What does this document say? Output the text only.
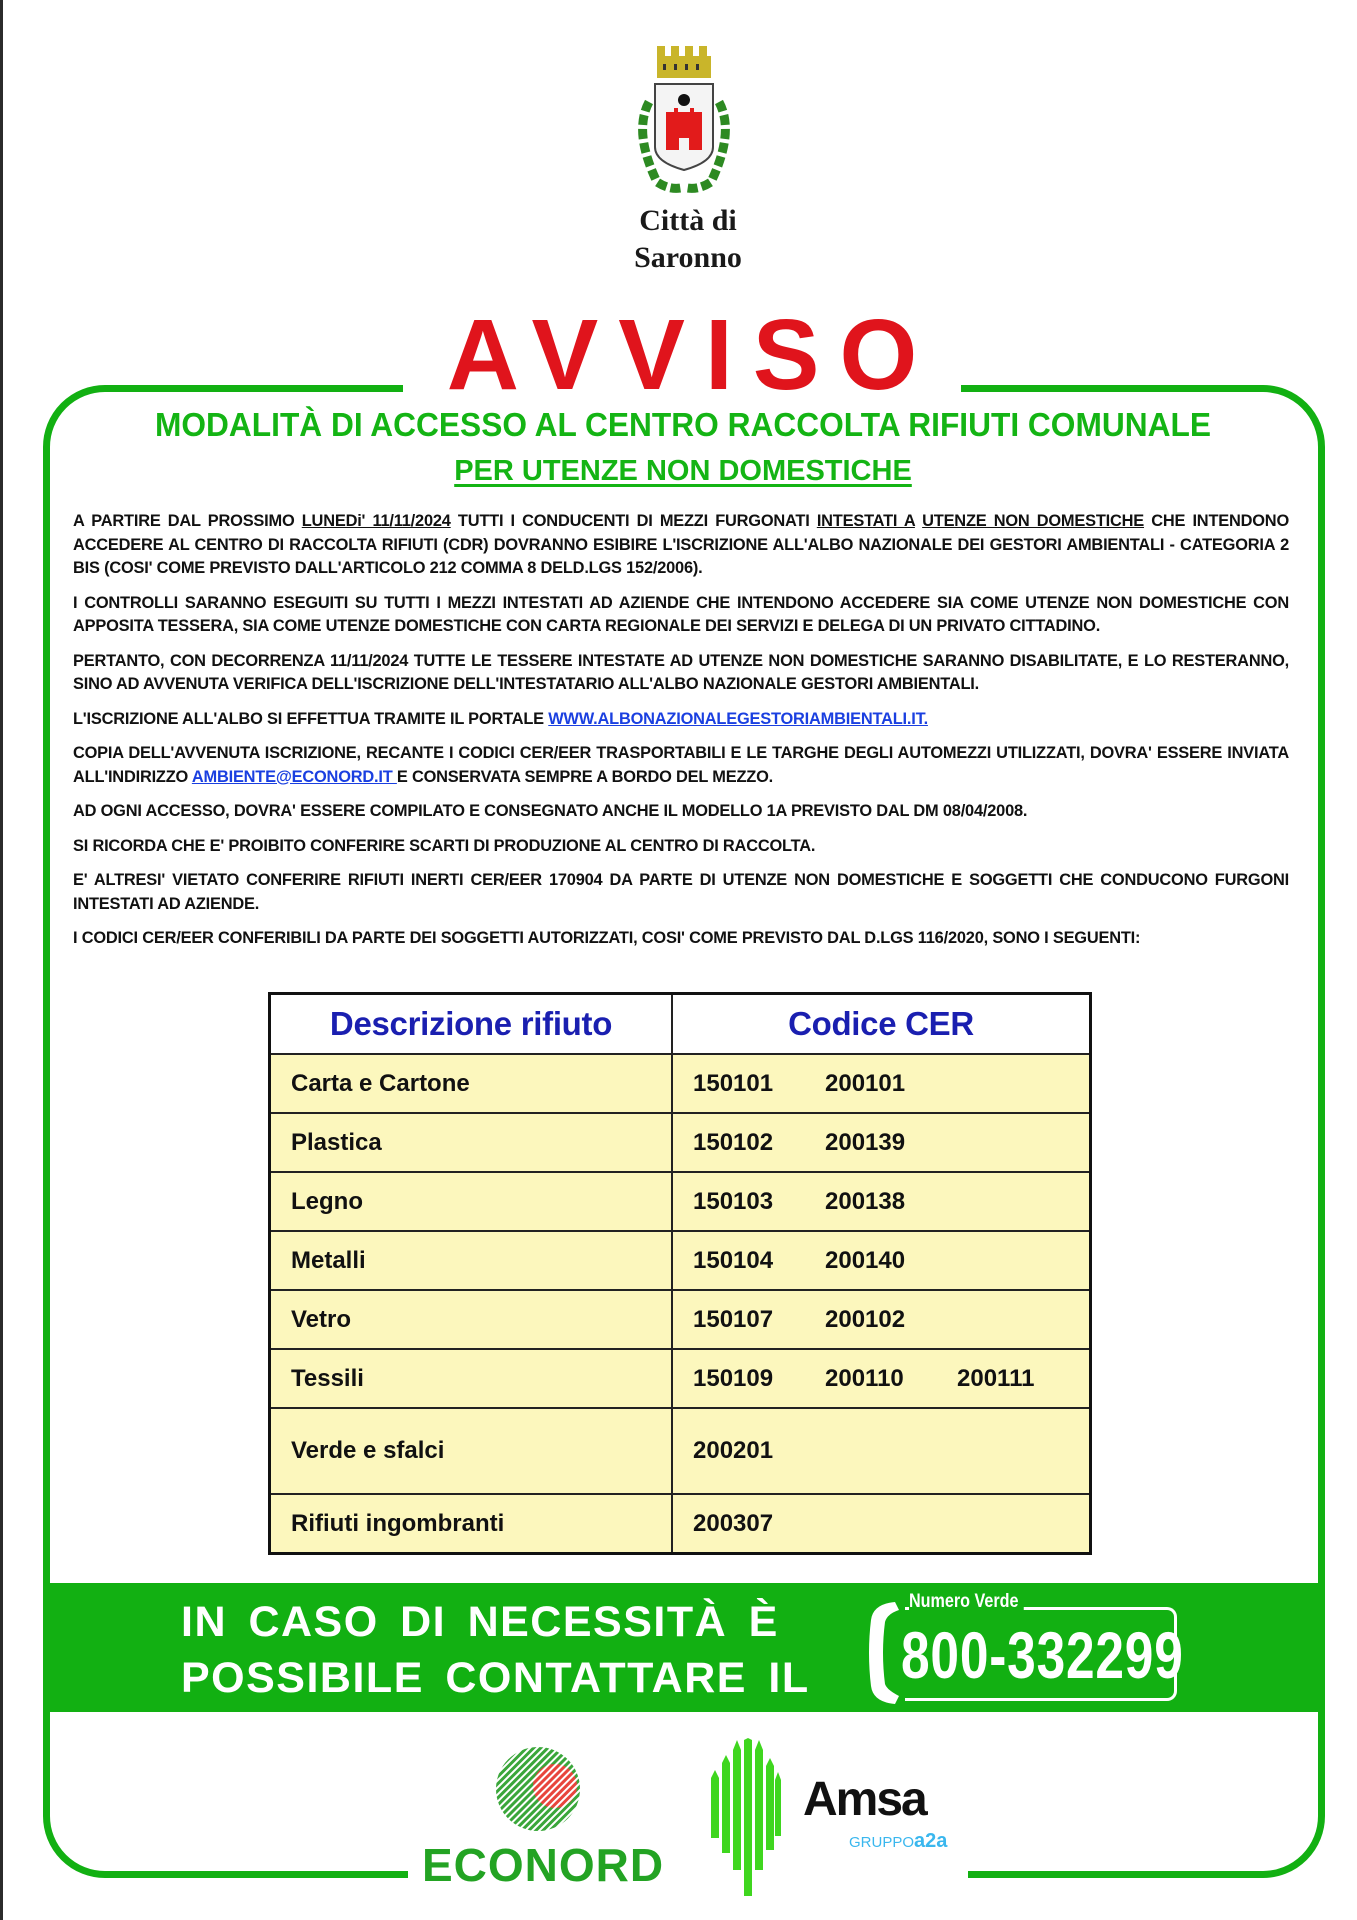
Città di
Saronno
AVVISO
MODALITÀ DI ACCESSO AL CENTRO RACCOLTA RIFIUTI COMUNALE
PER UTENZE NON DOMESTICHE

A PARTIRE DAL PROSSIMO LUNEDi' 11/11/2024 TUTTI I CONDUCENTI DI MEZZI FURGONATI INTESTATI A UTENZE NON DOMESTICHE CHE INTENDONO ACCEDERE AL CENTRO DI RACCOLTA RIFIUTI (CDR) DOVRANNO ESIBIRE L'ISCRIZIONE ALL'ALBO NAZIONALE DEI GESTORI AMBIENTALI - CATEGORIA 2 BIS (COSI' COME PREVISTO DALL'ARTICOLO 212 COMMA 8 DELD.LGS 152/2006).

I CONTROLLI SARANNO ESEGUITI SU TUTTI I MEZZI INTESTATI AD AZIENDE CHE INTENDONO ACCEDERE SIA COME UTENZE NON DOMESTICHE CON APPOSITA TESSERA, SIA COME UTENZE DOMESTICHE CON CARTA REGIONALE DEI SERVIZI E DELEGA DI UN PRIVATO CITTADINO.

PERTANTO, CON DECORRENZA 11/11/2024 TUTTE LE TESSERE INTESTATE AD UTENZE NON DOMESTICHE SARANNO DISABILITATE, E LO RESTERANNO, SINO AD AVVENUTA VERIFICA DELL'ISCRIZIONE DELL'INTESTATARIO ALL'ALBO NAZIONALE GESTORI AMBIENTALI.

L'ISCRIZIONE ALL'ALBO SI EFFETTUA TRAMITE IL PORTALE WWW.ALBONAZIONALEGESTORIAMBIENTALI.IT.

COPIA DELL'AVVENUTA ISCRIZIONE, RECANTE I CODICI CER/EER TRASPORTABILI E LE TARGHE DEGLI AUTOMEZZI UTILIZZATI, DOVRA' ESSERE INVIATA ALL'INDIRIZZO AMBIENTE@ECONORD.IT E CONSERVATA SEMPRE A BORDO DEL MEZZO.

AD OGNI ACCESSO, DOVRA' ESSERE COMPILATO E CONSEGNATO ANCHE IL MODELLO 1A PREVISTO DAL DM 08/04/2008.

SI RICORDA CHE E' PROIBITO CONFERIRE SCARTI DI PRODUZIONE AL CENTRO DI RACCOLTA.

E' ALTRESI' VIETATO CONFERIRE RIFIUTI INERTI CER/EER 170904 DA PARTE DI UTENZE NON DOMESTICHE E SOGGETTI CHE CONDUCONO FURGONI INTESTATI AD AZIENDE.

I CODICI CER/EER CONFERIBILI DA PARTE DEI SOGGETTI AUTORIZZATI, COSI' COME PREVISTO DAL D.LGS 116/2020, SONO I SEGUENTI:

Descrizione rifiuto	Codice CER
Carta e Cartone	150101 200101

Plastica	150102 200139

Legno	150103 200138

Metalli	150104 200140

Vetro	150107 200102

Tessili	150109 200110 200111

Verde e sfalci	200201

Rifiuti ingombranti	200307
IN CASO DI NECESSITÀ È
POSSIBILE CONTATTARE IL
Numero Verde
800-332299
ECONORD
Amsa
GRUPPOa2a
